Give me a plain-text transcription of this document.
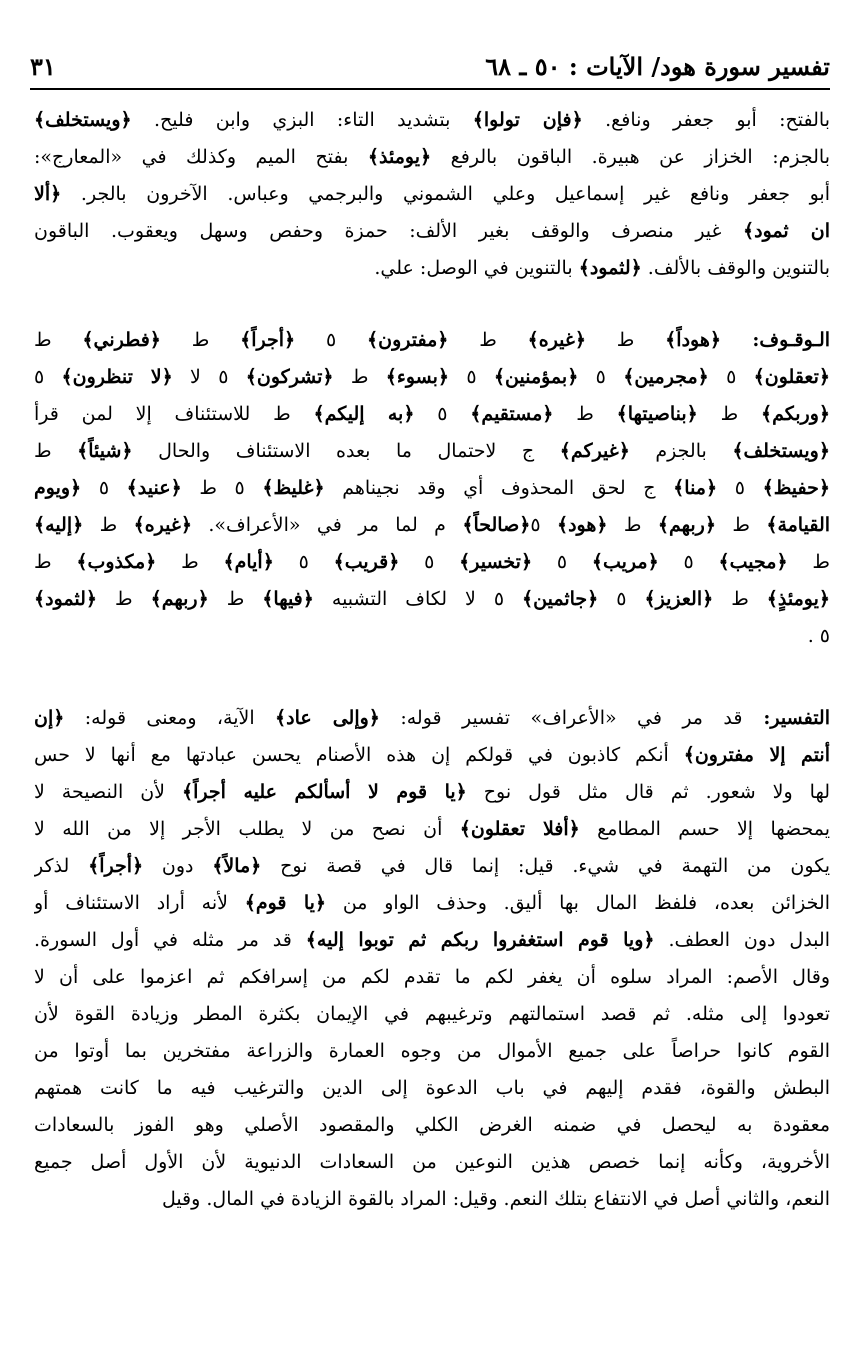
تفسير سورة هود/ الآيات : ٥٠ ـ ٦٨
٣١
بالفتح: أبو جعفر ونافع. ﴿فإن تولوا﴾ بتشديد التاء: البزي وابن فليح. ﴿ويستخلف﴾
بالجزم: الخزاز عن هبيرة. الباقون بالرفع ﴿يومئذ﴾ بفتح الميم وكذلك في «المعارج»:
أبو جعفر ونافع غير إسماعيل وعلي الشموني والبرجمي وعباس. الآخرون بالجر. ﴿ألا
ان ثمود﴾ غير منصرف والوقف بغير الألف: حمزة وحفص وسهل ويعقوب. الباقون
بالتنوين والوقف بالألف. ﴿لثمود﴾ بالتنوين في الوصل: علي.
الـوقـوف: ﴿هوداً﴾ ط ﴿غيره﴾ ط ﴿مفترون﴾ ٥ ﴿أجراً﴾ ط ﴿فطرني﴾ ط
﴿تعقلون﴾ ٥ ﴿مجرمين﴾ ٥ ﴿بمؤمنين﴾ ٥ ﴿بسوء﴾ ط ﴿تشركون﴾ ٥ لا ﴿لا تنظرون﴾ ٥
﴿وربكم﴾ ط ﴿بناصيتها﴾ ط ﴿مستقيم﴾ ٥ ﴿به إليكم﴾ ط للاستئناف إلا لمن قرأ
﴿ويستخلف﴾ بالجزم ﴿غيركم﴾ ج لاحتمال ما بعده الاستئناف والحال ﴿شيئاً﴾ ط
﴿حفيظ﴾ ٥ ﴿منا﴾ ج لحق المحذوف أي وقد نجيناهم ﴿غليظ﴾ ٥ ط ﴿عنيد﴾ ٥ ﴿ويوم
القيامة﴾ ط ﴿ربهم﴾ ط ﴿هود﴾ ٥﴿صالحاً﴾ م لما مر في «الأعراف». ﴿غيره﴾ ط ﴿إليه﴾
ط ﴿مجيب﴾ ٥ ﴿مريب﴾ ٥ ﴿تخسير﴾ ٥ ﴿قريب﴾ ٥ ﴿أيام﴾ ط ﴿مكذوب﴾ ط
﴿يومئذٍ﴾ ط ﴿العزيز﴾ ٥ ﴿جاثمين﴾ ٥ لا لكاف التشبيه ﴿فيها﴾ ط ﴿ربهم﴾ ط ﴿لثمود﴾
٥ .
التفسير: قد مر في «الأعراف» تفسير قوله: ﴿وإلى عاد﴾ الآية، ومعنى قوله: ﴿إن
أنتم إلا مفترون﴾ أنكم كاذبون في قولكم إن هذه الأصنام يحسن عبادتها مع أنها لا حس
لها ولا شعور. ثم قال مثل قول نوح ﴿يا قوم لا أسألكم عليه أجراً﴾ لأن النصيحة لا
يمحضها إلا حسم المطامع ﴿أفلا تعقلون﴾ أن نصح من لا يطلب الأجر إلا من الله لا
يكون من التهمة في شيء. قيل: إنما قال في قصة نوح ﴿مالاً﴾ دون ﴿أجراً﴾ لذكر
الخزائن بعده، فلفظ المال بها أليق. وحذف الواو من ﴿يا قوم﴾ لأنه أراد الاستئناف أو
البدل دون العطف. ﴿ويا قوم استغفروا ربكم ثم توبوا إليه﴾ قد مر مثله في أول السورة.
وقال الأصم: المراد سلوه أن يغفر لكم ما تقدم لكم من إسرافكم ثم اعزموا على أن لا
تعودوا إلى مثله. ثم قصد استمالتهم وترغيبهم في الإيمان بكثرة المطر وزيادة القوة لأن
القوم كانوا حراصاً على جميع الأموال من وجوه العمارة والزراعة مفتخرين بما أوتوا من
البطش والقوة، فقدم إليهم في باب الدعوة إلى الدين والترغيب فيه ما كانت همتهم
معقودة به ليحصل في ضمنه الغرض الكلي والمقصود الأصلي وهو الفوز بالسعادات
الأخروية، وكأنه إنما خصص هذين النوعين من السعادات الدنيوية لأن الأول أصل جميع
النعم، والثاني أصل في الانتفاع بتلك النعم. وقيل: المراد بالقوة الزيادة في المال. وقيل
